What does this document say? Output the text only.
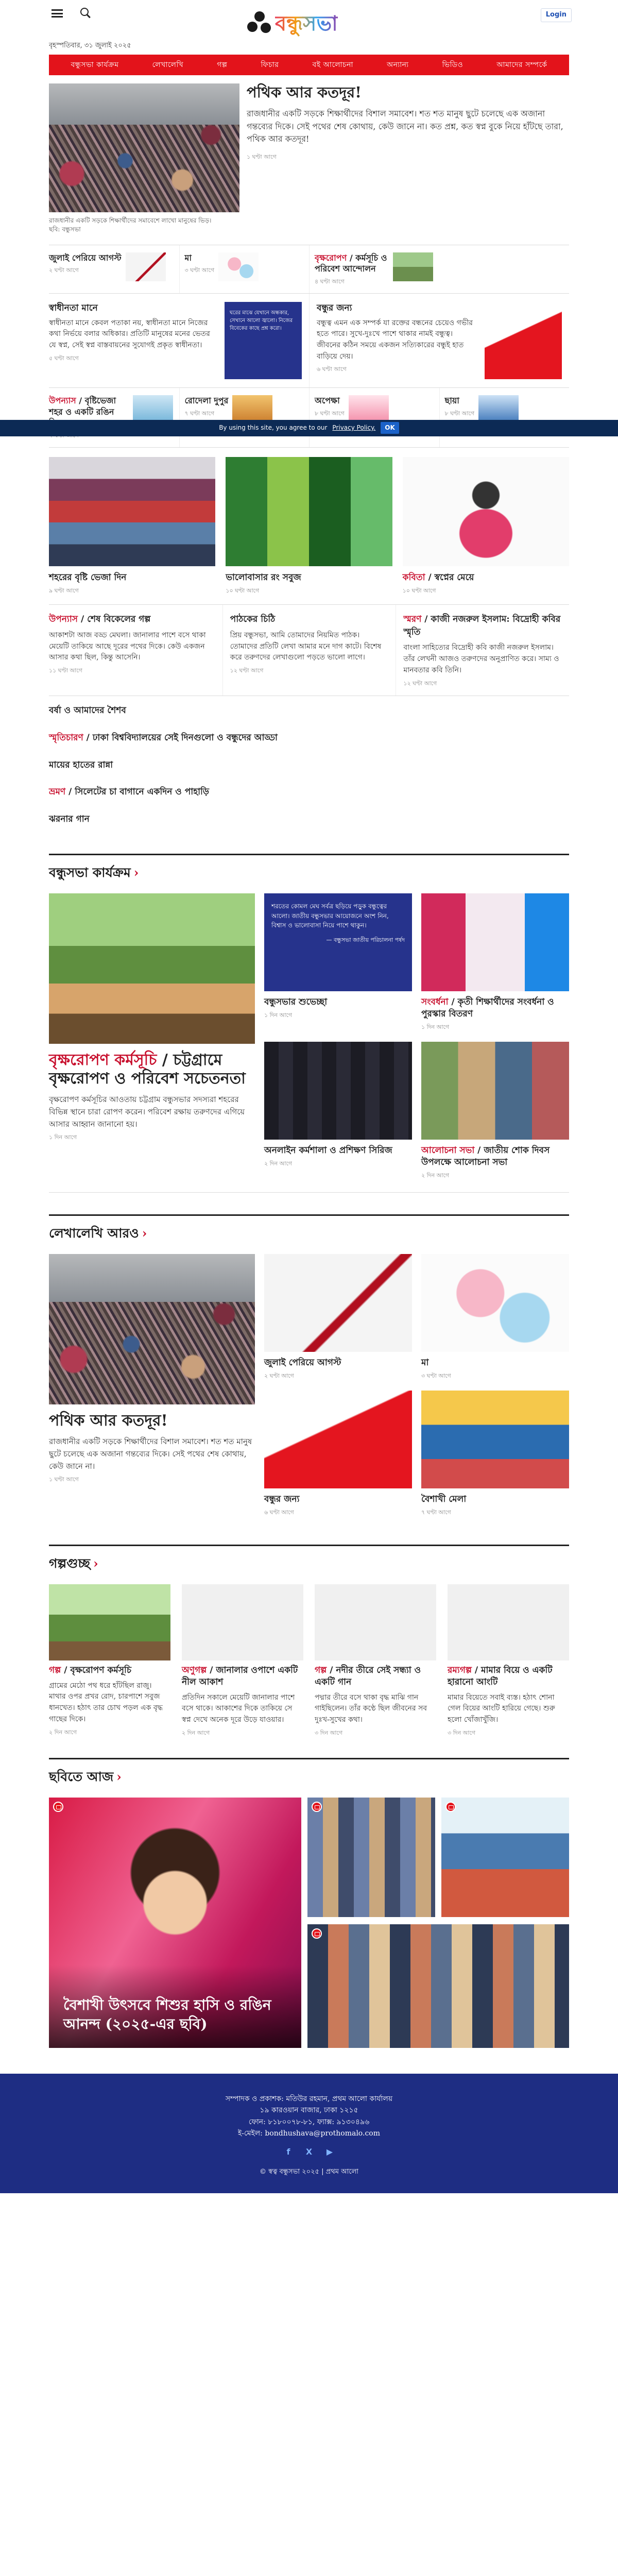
বন্ধুসভা	Login
বৃহস্পতিবার, ৩১ জুলাই ২০২৫
বন্ধুসভা কার্যক্রম	লেখালেখি	গল্প	ফিচার	বই আলোচনা	অন্যান্য	ভিডিও	আমাদের সম্পর্কে
রাজধানীর একটি সড়কে শিক্ষার্থীদের সমাবেশে লাখো মানুষের ভিড়। ছবি: বন্ধুসভা
পথিক আর কতদূর!

রাজধানীর একটি সড়কে শিক্ষার্থীদের বিশাল সমাবেশ। শত শত মানুষ ছুটে চলেছে এক অজানা গন্তব্যের দিকে। সেই পথের শেষ কোথায়, কেউ জানে না। কত প্রশ্ন, কত স্বপ্ন বুকে নিয়ে হাঁটছে তারা, পথিক আর কতদূর!

১ ঘণ্টা আগে
জুলাই পেরিয়ে আগস্ট
২ ঘণ্টা আগে
মা
৩ ঘণ্টা আগে
বৃক্ষরোপণ / কর্মসূচি ও পরিবেশ আন্দোলন
৪ ঘণ্টা আগে
স্বাধীনতা মানে

স্বাধীনতা মানে কেবল পতাকা নয়, স্বাধীনতা মানে নিজের কথা নির্ভয়ে বলার অধিকার। প্রতিটি মানুষের মনের ভেতর যে স্বপ্ন, সেই স্বপ্ন বাস্তবায়নের সুযোগই প্রকৃত স্বাধীনতা।

৫ ঘণ্টা আগে
ঘরের মাঝে যেখানে অন্ধকার, সেখানে আলো জ্বালো। নিজের বিবেকের কাছে প্রশ্ন করো।
বন্ধুর জন্য

বন্ধুত্ব এমন এক সম্পর্ক যা রক্তের বন্ধনের চেয়েও গভীর হতে পারে। সুখে-দুঃখে পাশে থাকার নামই বন্ধুত্ব। জীবনের কঠিন সময়ে একজন সত্যিকারের বন্ধুই হাত বাড়িয়ে দেয়।

৬ ঘণ্টা আগে
উপন্যাস / বৃষ্টিভেজা শহর ও একটি রঙিন
রোদেলা দুপুর
৭ ঘণ্টা আগে
অপেক্ষা
৮ ঘণ্টা আগে
ছায়া
৮ ঘণ্টা আগে
By using this site, you agree to our Privacy Policy.	OK
শহরের বৃষ্টি ভেজা দিন
৯ ঘণ্টা আগে
ভালোবাসার রং সবুজ
১০ ঘণ্টা আগে
কবিতা / স্বপ্নের মেয়ে
১০ ঘণ্টা আগে
উপন্যাস / শেষ বিকেলের গল্প

আকাশটা আজ বড্ড মেঘলা। জানালার পাশে বসে থাকা মেয়েটি তাকিয়ে আছে দূরের পথের দিকে। কেউ একজন আসার কথা ছিল, কিন্তু আসেনি।

১১ ঘণ্টা আগে
পাঠকের চিঠি

প্রিয় বন্ধুসভা, আমি তোমাদের নিয়মিত পাঠক। তোমাদের প্রতিটি লেখা আমার মনে দাগ কাটে। বিশেষ করে তরুণদের লেখাগুলো পড়তে ভালো লাগে।

১২ ঘণ্টা আগে
স্মরণ / কাজী নজরুল ইসলাম: বিদ্রোহী কবির স্মৃতি

বাংলা সাহিত্যের বিদ্রোহী কবি কাজী নজরুল ইসলাম। তাঁর লেখনী আজও তরুণদের অনুপ্রাণিত করে। সাম্য ও মানবতার কবি তিনি।

১২ ঘণ্টা আগে
বর্ষা ও আমাদের শৈশব
স্মৃতিচারণ / ঢাকা বিশ্ববিদ্যালয়ের সেই দিনগুলো ও বন্ধুদের আড্ডা
মায়ের হাতের রান্না
ভ্রমণ / সিলেটের চা বাগানে একদিন ও পাহাড়ি
ঝরনার গান
বন্ধুসভা কার্যক্রম ›
বৃক্ষরোপণ কর্মসূচি / চট্টগ্রামে বৃক্ষরোপণ ও পরিবেশ সচেতনতা

বৃক্ষরোপণ কর্মসূচির আওতায় চট্টগ্রাম বন্ধুসভার সদস্যরা শহরের বিভিন্ন স্থানে চারা রোপণ করেন। পরিবেশ রক্ষায় তরুণদের এগিয়ে আসার আহ্বান জানানো হয়।

১ দিন আগে
শরতের কোমল মেঘ সর্বত্র ছড়িয়ে পড়ুক বন্ধুত্বের আলো। জাতীয় বন্ধুসভার আয়োজনে অংশ নিন, বিশ্বাস ও ভালোবাসা নিয়ে পাশে থাকুন।
— বন্ধুসভা জাতীয় পরিচালনা পর্ষদ
বন্ধুসভার শুভেচ্ছা
১ দিন আগে
অনলাইন কর্মশালা ও প্রশিক্ষণ সিরিজ
২ দিন আগে
সংবর্ধনা / কৃতী শিক্ষার্থীদের সংবর্ধনা ও পুরস্কার বিতরণ
১ দিন আগে
আলোচনা সভা / জাতীয় শোক দিবস উপলক্ষে আলোচনা সভা
২ দিন আগে
লেখালেখি আরও ›
পথিক আর কতদূর!

রাজধানীর একটি সড়কে শিক্ষার্থীদের বিশাল সমাবেশ। শত শত মানুষ ছুটে চলেছে এক অজানা গন্তব্যের দিকে। সেই পথের শেষ কোথায়, কেউ জানে না।

১ ঘণ্টা আগে
জুলাই পেরিয়ে আগস্ট
২ ঘণ্টা আগে
বন্ধুর জন্য
৬ ঘণ্টা আগে
মা
৩ ঘণ্টা আগে
বৈশাখী মেলা
৭ ঘণ্টা আগে
গল্পগুচ্ছ ›
গল্প / বৃক্ষরোপণ কর্মসূচি

গ্রামের মেঠো পথ ধরে হাঁটছিল রাজু। মাথার ওপর প্রখর রোদ, চারপাশে সবুজ ধানখেত। হঠাৎ তার চোখ পড়ল এক বৃদ্ধ গাছের দিকে।

২ দিন আগে
অণুগল্প / জানালার ওপাশে একটি নীল আকাশ

প্রতিদিন সকালে মেয়েটি জানালার পাশে বসে থাকে। আকাশের দিকে তাকিয়ে সে স্বপ্ন দেখে অনেক দূরে উড়ে যাওয়ার।

২ দিন আগে
গল্প / নদীর তীরে সেই সন্ধ্যা ও একটি গান

পদ্মার তীরে বসে থাকা বৃদ্ধ মাঝি গান গাইছিলেন। তাঁর কণ্ঠে ছিল জীবনের সব দুঃখ-সুখের কথা।

৩ দিন আগে
রম্যগল্প / মামার বিয়ে ও একটি হারানো আংটি

মামার বিয়েতে সবাই ব্যস্ত। হঠাৎ শোনা গেল বিয়ের আংটি হারিয়ে গেছে। শুরু হলো খোঁজাখুঁজি।

৩ দিন আগে
ছবিতে আজ ›
বৈশাখী উৎসবে শিশুর হাসি ও রঙিন আনন্দ (২০২৫-এর ছবি)
সম্পাদক ও প্রকাশক: মতিউর রহমান, প্রথম আলো কার্যালয়
১৯ কারওয়ান বাজার, ঢাকা ১২১৫
ফোন: ৮১৮০০৭৮-৮১, ফ্যাক্স: ৯১৩০৪৯৬
ই-মেইল: bondhushava@prothomalo.com
f	X	▶
© স্বত্ব বন্ধুসভা ২০২৫ | প্রথম আলো
